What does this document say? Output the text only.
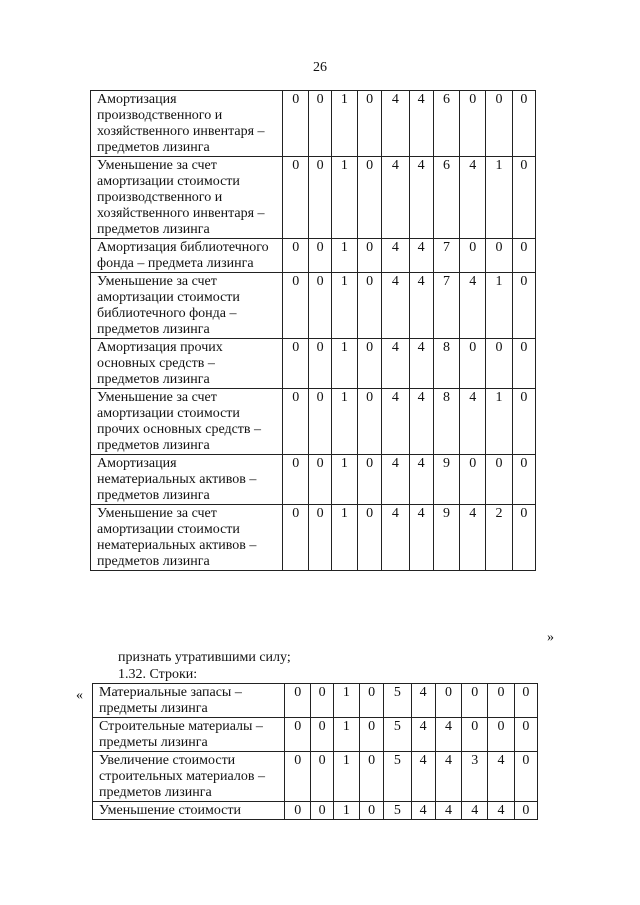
26
Амортизация производственного и хозяйственного инвентаря – предметов лизинга	0	0	1	0	4	4	6	0	0	0
Уменьшение за счет амортизации стоимости производственного и хозяйственного инвентаря – предметов лизинга	0	0	1	0	4	4	6	4	1	0
Амортизация библиотечного фонда – предмета лизинга	0	0	1	0	4	4	7	0	0	0
Уменьшение за счет амортизации стоимости библиотечного фонда – предметов лизинга	0	0	1	0	4	4	7	4	1	0
Амортизация прочих основных средств – предметов лизинга	0	0	1	0	4	4	8	0	0	0
Уменьшение за счет амортизации стоимости прочих основных средств – предметов лизинга	0	0	1	0	4	4	8	4	1	0
Амортизация нематериальных активов – предметов лизинга	0	0	1	0	4	4	9	0	0	0
Уменьшение за счет амортизации стоимости нематериальных активов – предметов лизинга	0	0	1	0	4	4	9	4	2	0
»
признать утратившими силу;
1.32. Строки:
« Материальные запасы – предметы лизинга	0	0	1	0	5	4	0	0	0	0
Строительные материалы – предметы лизинга	0	0	1	0	5	4	4	0	0	0
Увеличение стоимости строительных материалов – предметов лизинга	0	0	1	0	5	4	4	3	4	0
Уменьшение стоимости	0	0	1	0	5	4	4	4	4	0
